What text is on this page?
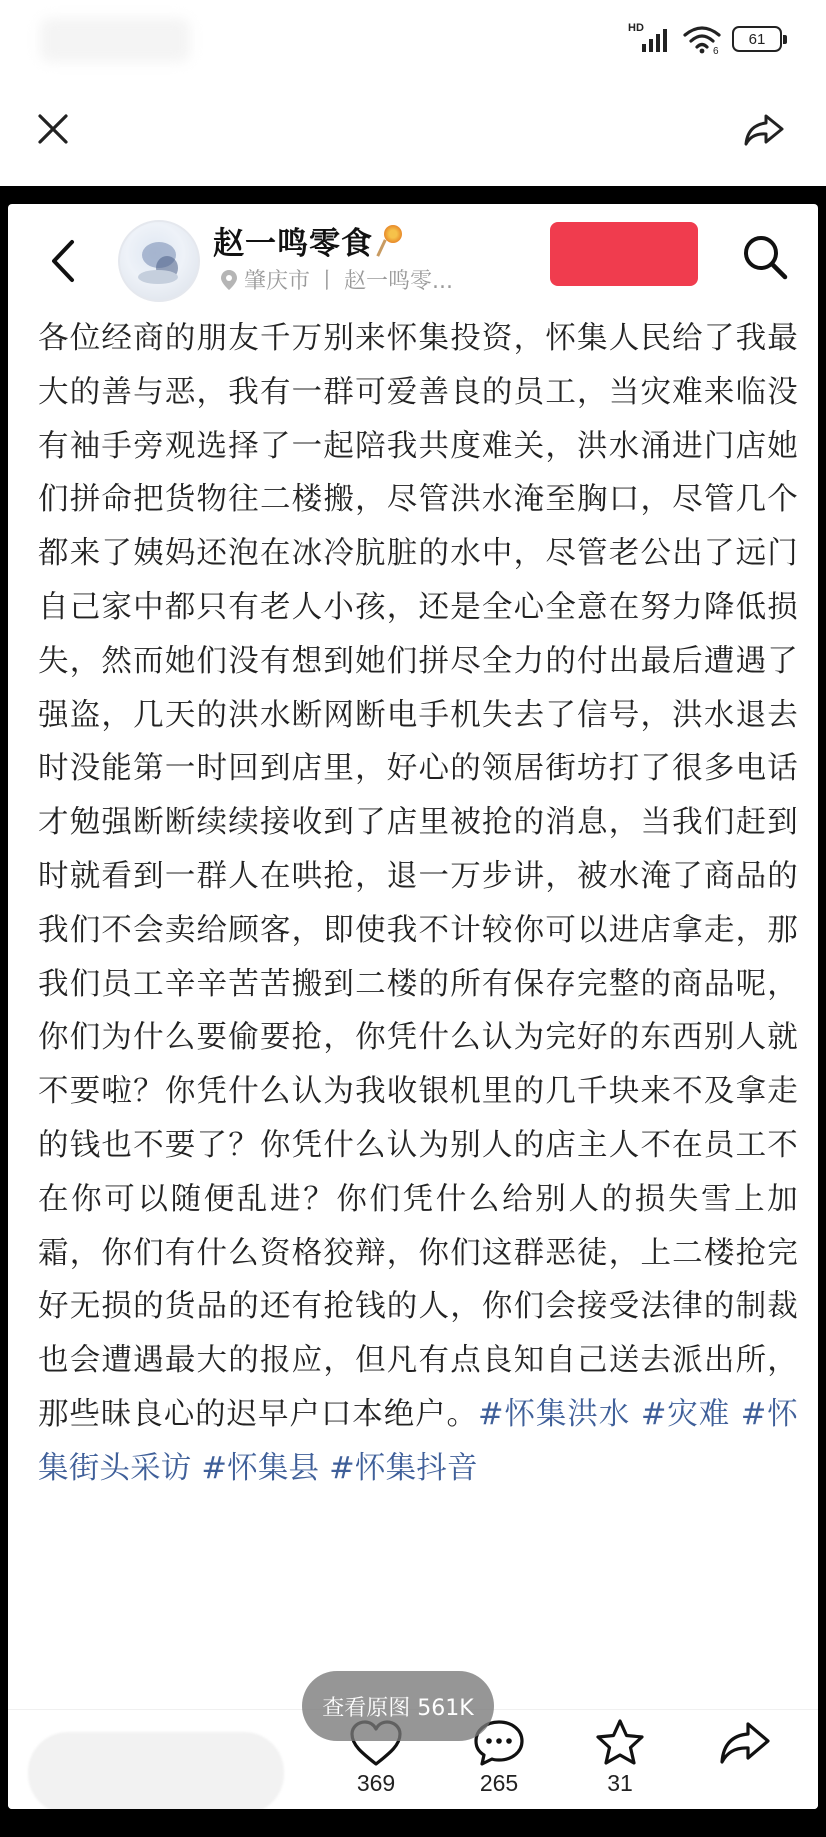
HD
6
61
赵一鸣零食
肇庆市 丨 赵一鸣零...
各位经商的朋友千万别来怀集投资，怀集人民给了我最大的善与恶，我有一群可爱善良的员工，当灾难来临没有袖手旁观选择了一起陪我共度难关，洪水涌进门店她们拼命把货物往二楼搬，尽管洪水淹至胸口，尽管几个都来了姨妈还泡在冰冷肮脏的水中，尽管老公出了远门自己家中都只有老人小孩，还是全心全意在努力降低损失，然而她们没有想到她们拼尽全力的付出最后遭遇了强盗，几天的洪水断网断电手机失去了信号，洪水退去时没能第一时回到店里，好心的领居街坊打了很多电话才勉强断断续续接收到了店里被抢的消息，当我们赶到时就看到一群人在哄抢，退一万步讲，被水淹了商品的我们不会卖给顾客，即使我不计较你可以进店拿走，那我们员工辛辛苦苦搬到二楼的所有保存完整的商品呢，你们为什么要偷要抢，你凭什么认为完好的东西别人就不要啦？你凭什么认为我收银机里的几千块来不及拿走的钱也不要了？你凭什么认为别人的店主人不在员工不在你可以随便乱进？你们凭什么给别人的损失雪上加霜，你们有什么资格狡辩，你们这群恶徒，上二楼抢完好无损的货品的还有抢钱的人，你们会接受法律的制裁也会遭遇最大的报应，但凡有点良知自己送去派出所，那些昧良心的迟早户口本绝户。#怀集洪水 #灾难 #怀集街头采访 #怀集县 #怀集抖音
369	265	31
查看原图 561K
